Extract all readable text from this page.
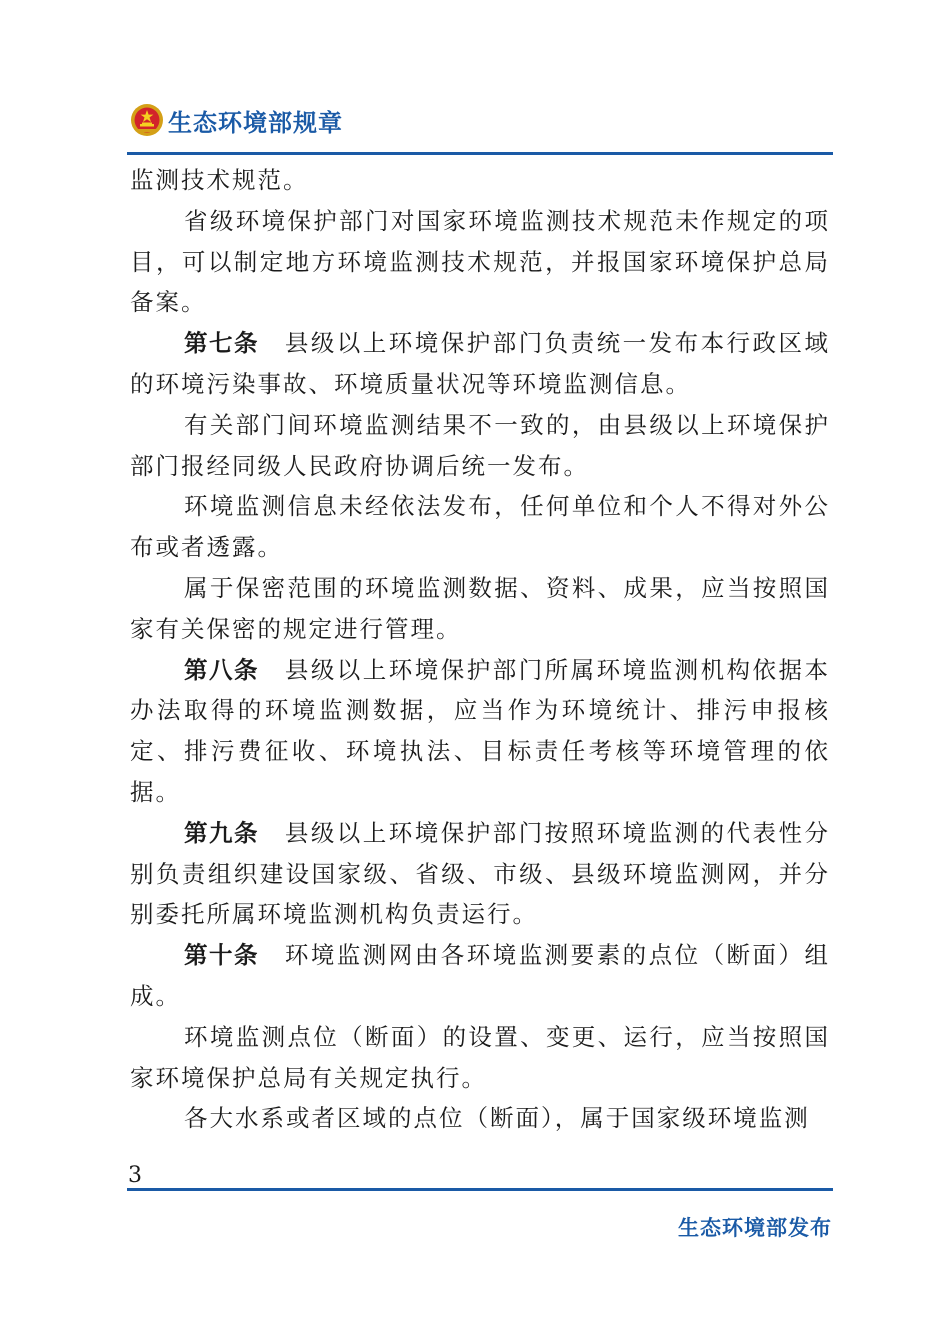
生态环境部规章

监测技术规范。

省级环境保护部门对国家环境监测技术规范未作规定的项目，可以制定地方环境监测技术规范，并报国家环境保护总局备案。

第七条 县级以上环境保护部门负责统一发布本行政区域的环境污染事故、环境质量状况等环境监测信息。

有关部门间环境监测结果不一致的，由县级以上环境保护部门报经同级人民政府协调后统一发布。

环境监测信息未经依法发布，任何单位和个人不得对外公布或者透露。

属于保密范围的环境监测数据、资料、成果，应当按照国家有关保密的规定进行管理。

第八条 县级以上环境保护部门所属环境监测机构依据本办法取得的环境监测数据，应当作为环境统计、排污申报核定、排污费征收、环境执法、目标责任考核等环境管理的依据。

第九条 县级以上环境保护部门按照环境监测的代表性分别负责组织建设国家级、省级、市级、县级环境监测网，并分别委托所属环境监测机构负责运行。

第十条 环境监测网由各环境监测要素的点位（断面）组成。

环境监测点位（断面）的设置、变更、运行，应当按照国家环境保护总局有关规定执行。

各大水系或者区域的点位（断面），属于国家级环境监测

3
生态环境部发布
